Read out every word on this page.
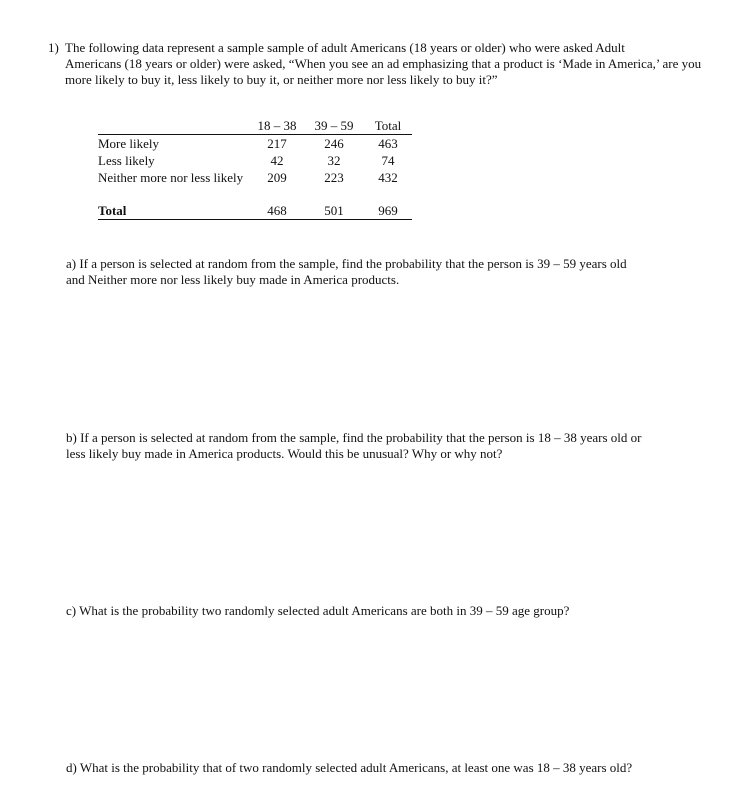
1) The following data represent a sample sample of adult Americans (18 years or older) who were asked Adult
Americans (18 years or older) were asked, “When you see an ad emphasizing that a product is ‘Made in America,’ are you
more likely to buy it, less likely to buy it, or neither more nor less likely to buy it?”
	18 – 38	39 – 59	Total
More likely	217	246	463
Less likely	42	32	74
Neither more nor less likely	209	223	432

Total	468	501	969
a) If a person is selected at random from the sample, find the probability that the person is 39 – 59 years old
and Neither more nor less likely buy made in America products.
b) If a person is selected at random from the sample, find the probability that the person is 18 – 38 years old or
less likely buy made in America products. Would this be unusual? Why or why not?
c) What is the probability two randomly selected adult Americans are both in 39 – 59 age group?
d) What is the probability that of two randomly selected adult Americans, at least one was 18 – 38 years old?
